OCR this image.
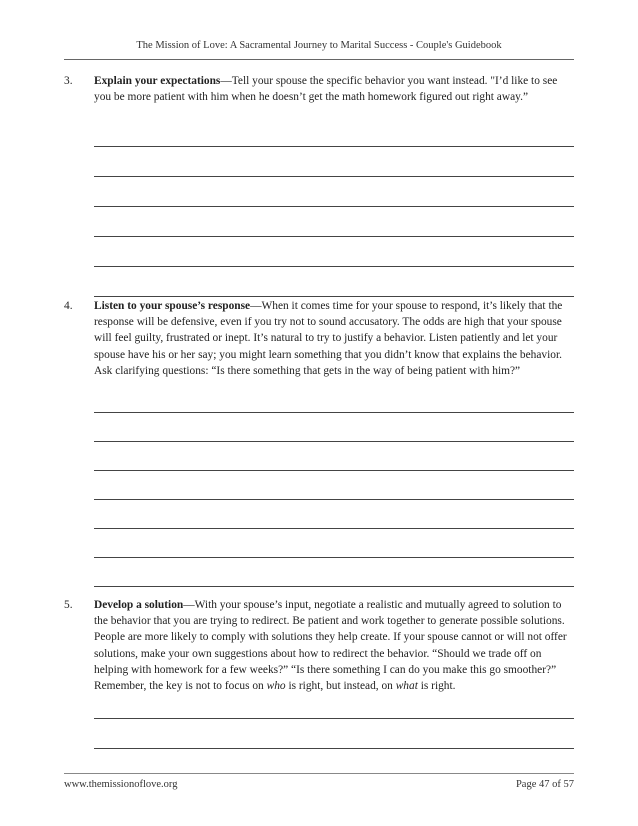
The Mission of Love: A Sacramental Journey to Marital Success - Couple's Guidebook
3. Explain your expectations—Tell your spouse the specific behavior you want instead. "I’d like to see you be more patient with him when he doesn’t get the math homework figured out right away.”
4. Listen to your spouse’s response—When it comes time for your spouse to respond, it’s likely that the response will be defensive, even if you try not to sound accusatory. The odds are high that your spouse will feel guilty, frustrated or inept. It’s natural to try to justify a behavior. Listen patiently and let your spouse have his or her say; you might learn something that you didn’t know that explains the behavior. Ask clarifying questions: “Is there something that gets in the way of being patient with him?”
5. Develop a solution—With your spouse’s input, negotiate a realistic and mutually agreed to solution to the behavior that you are trying to redirect. Be patient and work together to generate possible solutions. People are more likely to comply with solutions they help create. If your spouse cannot or will not offer solutions, make your own suggestions about how to redirect the behavior. “Should we trade off on helping with homework for a few weeks?” “Is there something I can do you make this go smoother?” Remember, the key is not to focus on who is right, but instead, on what is right.
www.themissionoflove.org	Page 47 of 57
